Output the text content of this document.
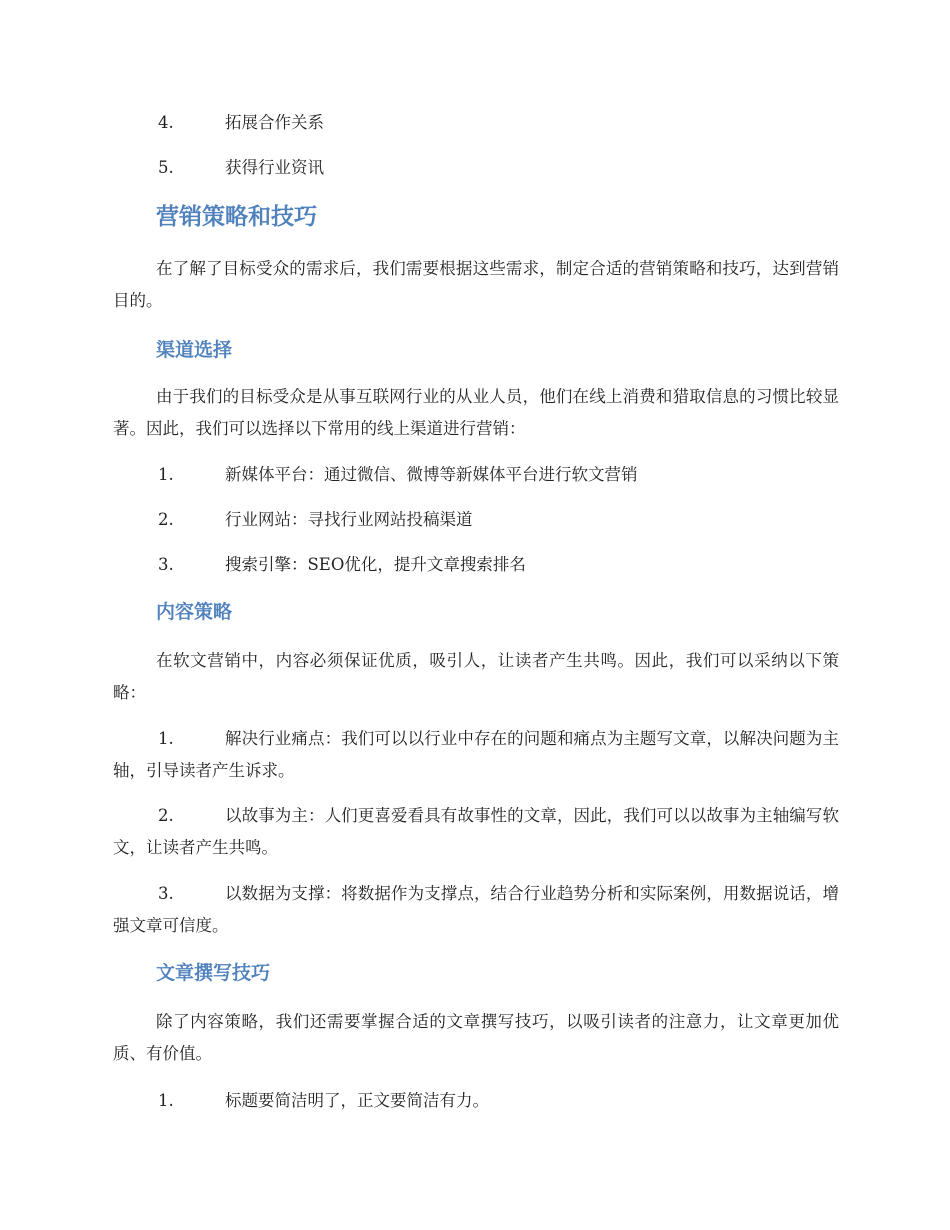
4.	拓展合作关系
5.	获得行业资讯
营销策略和技巧
在了解了目标受众的需求后，我们需要根据这些需求，制定合适的营销策略和技巧，达到营销目的。
渠道选择
由于我们的目标受众是从事互联网行业的从业人员，他们在线上消费和猎取信息的习惯比较显著。因此，我们可以选择以下常用的线上渠道进行营销：
1.	新媒体平台：通过微信、微博等新媒体平台进行软文营销
2.	行业网站：寻找行业网站投稿渠道
3.	搜索引擎：SEO优化，提升文章搜索排名
内容策略
在软文营销中，内容必须保证优质，吸引人，让读者产生共鸣。因此，我们可以采纳以下策略：
1.	解决行业痛点：我们可以以行业中存在的问题和痛点为主题写文章，以解决问题为主轴，引导读者产生诉求。
2.	以故事为主：人们更喜爱看具有故事性的文章，因此，我们可以以故事为主轴编写软文，让读者产生共鸣。
3.	以数据为支撑：将数据作为支撑点，结合行业趋势分析和实际案例，用数据说话，增强文章可信度。
文章撰写技巧
除了内容策略，我们还需要掌握合适的文章撰写技巧，以吸引读者的注意力，让文章更加优质、有价值。
1.	标题要简洁明了，正文要简洁有力。
